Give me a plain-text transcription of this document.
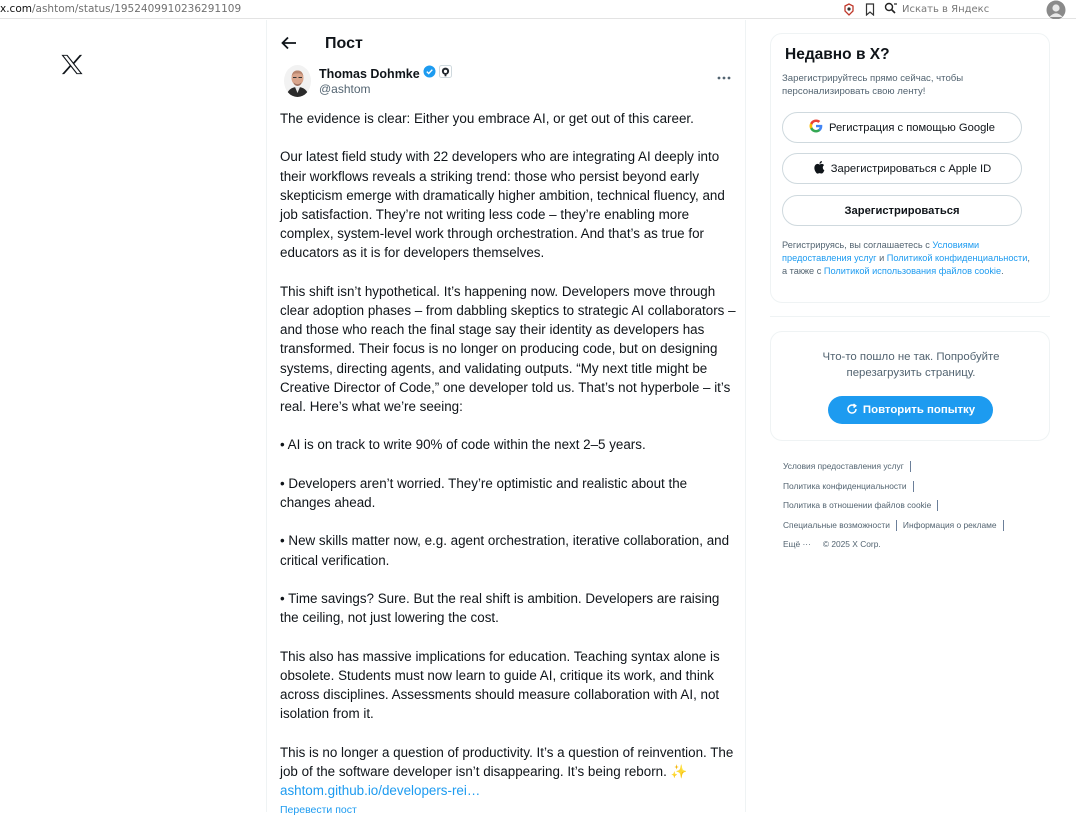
x.com/ashtom/status/1952409910236291109	Искать в Яндекс
Пост
Thomas Dohmke
@ashtom

The evidence is clear: Either you embrace AI, or get out of this career.

Our latest field study with 22 developers who are integrating AI deeply into their workflows reveals a striking trend: those who persist beyond early skepticism emerge with dramatically higher ambition, technical fluency, and job satisfaction. They’re not writing less code – they’re enabling more complex, system-level work through orchestration. And that’s as true for educators as it is for developers themselves.

This shift isn’t hypothetical. It’s happening now. Developers move through clear adoption phases – from dabbling skeptics to strategic AI collaborators – and those who reach the final stage say their identity as developers has transformed. Their focus is no longer on producing code, but on designing systems, directing agents, and validating outputs. “My next title might be Creative Director of Code,” one developer told us. That’s not hyperbole – it’s real. Here’s what we’re seeing:

• AI is on track to write 90% of code within the next 2–5 years.

• Developers aren’t worried. They’re optimistic and realistic about the changes ahead.

• New skills matter now, e.g. agent orchestration, iterative collaboration, and critical verification.

• Time savings? Sure. But the real shift is ambition. Developers are raising the ceiling, not just lowering the cost.

This also has massive implications for education. Teaching syntax alone is obsolete. Students must now learn to guide AI, critique its work, and think across disciplines. Assessments should measure collaboration with AI, not isolation from it.

This is no longer a question of productivity. It’s a question of reinvention. The job of the software developer isn’t disappearing. It’s being reborn. ✨

ashtom.github.io/developers-rei…

Перевести пост
Недавно в X?
Зарегистрируйтесь прямо сейчас, чтобы персонализировать свою ленту!
Регистрация с помощью Google
Зарегистрироваться с Apple ID
Зарегистрироваться
Регистрируясь, вы соглашаетесь с Условиями предоставления услуг и Политикой конфиденциальности, а также с Политикой использования файлов cookie.
Что-то пошло не так. Попробуйте перезагрузить страницу.
Повторить попытку
Условия предоставления услуг
Политика конфиденциальности
Политика в отношении файлов cookie
Специальные возможности Информация о рекламе
Ещё ··· © 2025 X Corp.
